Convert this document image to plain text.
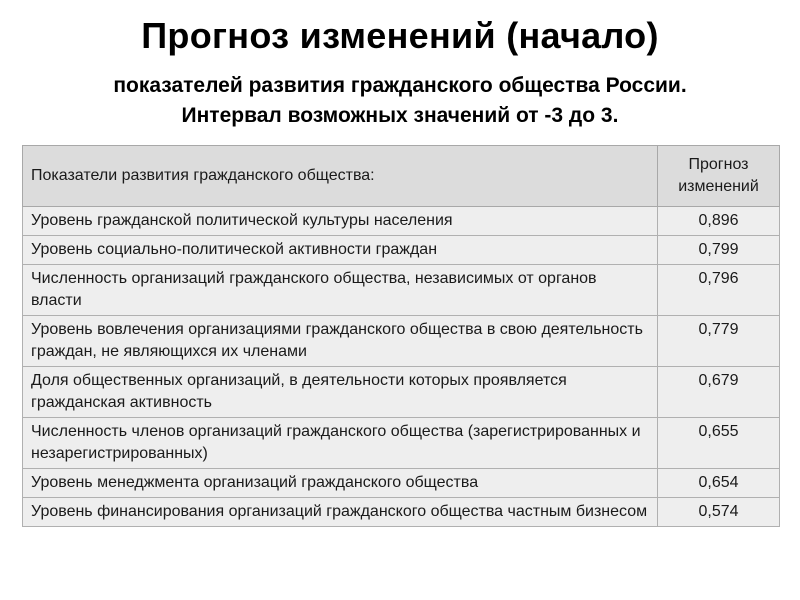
Прогноз изменений (начало)
показателей развития гражданского общества России.
Интервал возможных значений от -3 до 3.
Показатели развития гражданского общества:	Прогноз
изменений
Уровень гражданской политической культуры населения	0,896
Уровень социально-политической активности граждан	0,799
Численность организаций гражданского общества, независимых от органов власти	0,796
Уровень вовлечения организациями гражданского общества в свою деятельность граждан, не являющихся их членами	0,779
Доля общественных организаций, в деятельности которых проявляется гражданская активность	0,679
Численность членов организаций гражданского общества (зарегистрированных и незарегистрированных)	0,655
Уровень менеджмента организаций гражданского общества	0,654
Уровень финансирования организаций гражданского общества частным бизнесом	0,574
